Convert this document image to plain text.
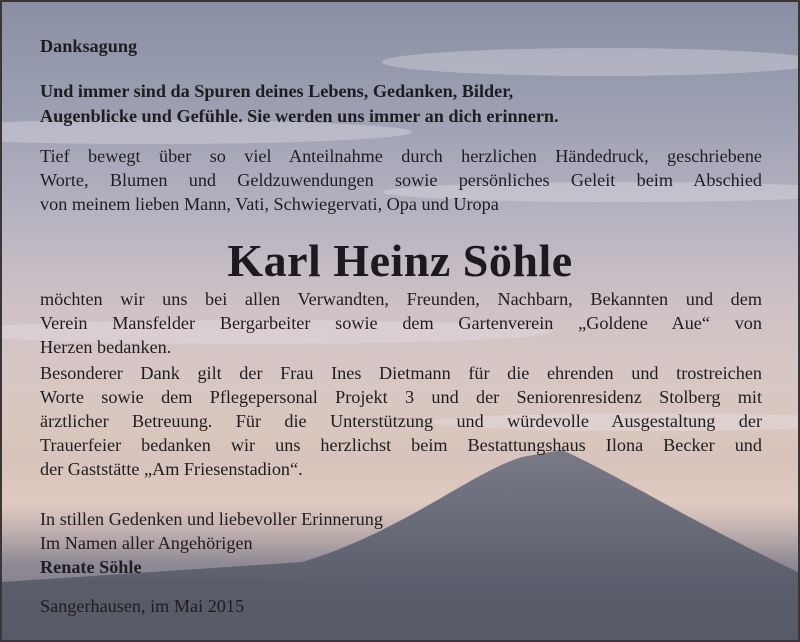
Danksagung

Und immer sind da Spuren deines Lebens, Gedanken, Bilder,

Augenblicke und Gefühle. Sie werden uns immer an dich erinnern.

Tief bewegt über so viel Anteilnahme durch herzlichen Händedruck, geschriebene

Worte, Blumen und Geldzuwendungen sowie persönliches Geleit beim Abschied

von meinem lieben Mann, Vati, Schwiegervati, Opa und Uropa

Karl Heinz Söhle

möchten wir uns bei allen Verwandten, Freunden, Nachbarn, Bekannten und dem

Verein Mansfelder Bergarbeiter sowie dem Gartenverein „Goldene Aue“ von

Herzen bedanken.

Besonderer Dank gilt der Frau Ines Dietmann für die ehrenden und trostreichen

Worte sowie dem Pflegepersonal Projekt 3 und der Seniorenresidenz Stolberg mit

ärztlicher Betreuung. Für die Unterstützung und würdevolle Ausgestaltung der

Trauerfeier bedanken wir uns herzlichst beim Bestattungshaus Ilona Becker und

der Gaststätte „Am Friesenstadion“.

In stillen Gedenken und liebevoller Erinnerung

Im Namen aller Angehörigen

Renate Söhle

Sangerhausen, im Mai 2015
